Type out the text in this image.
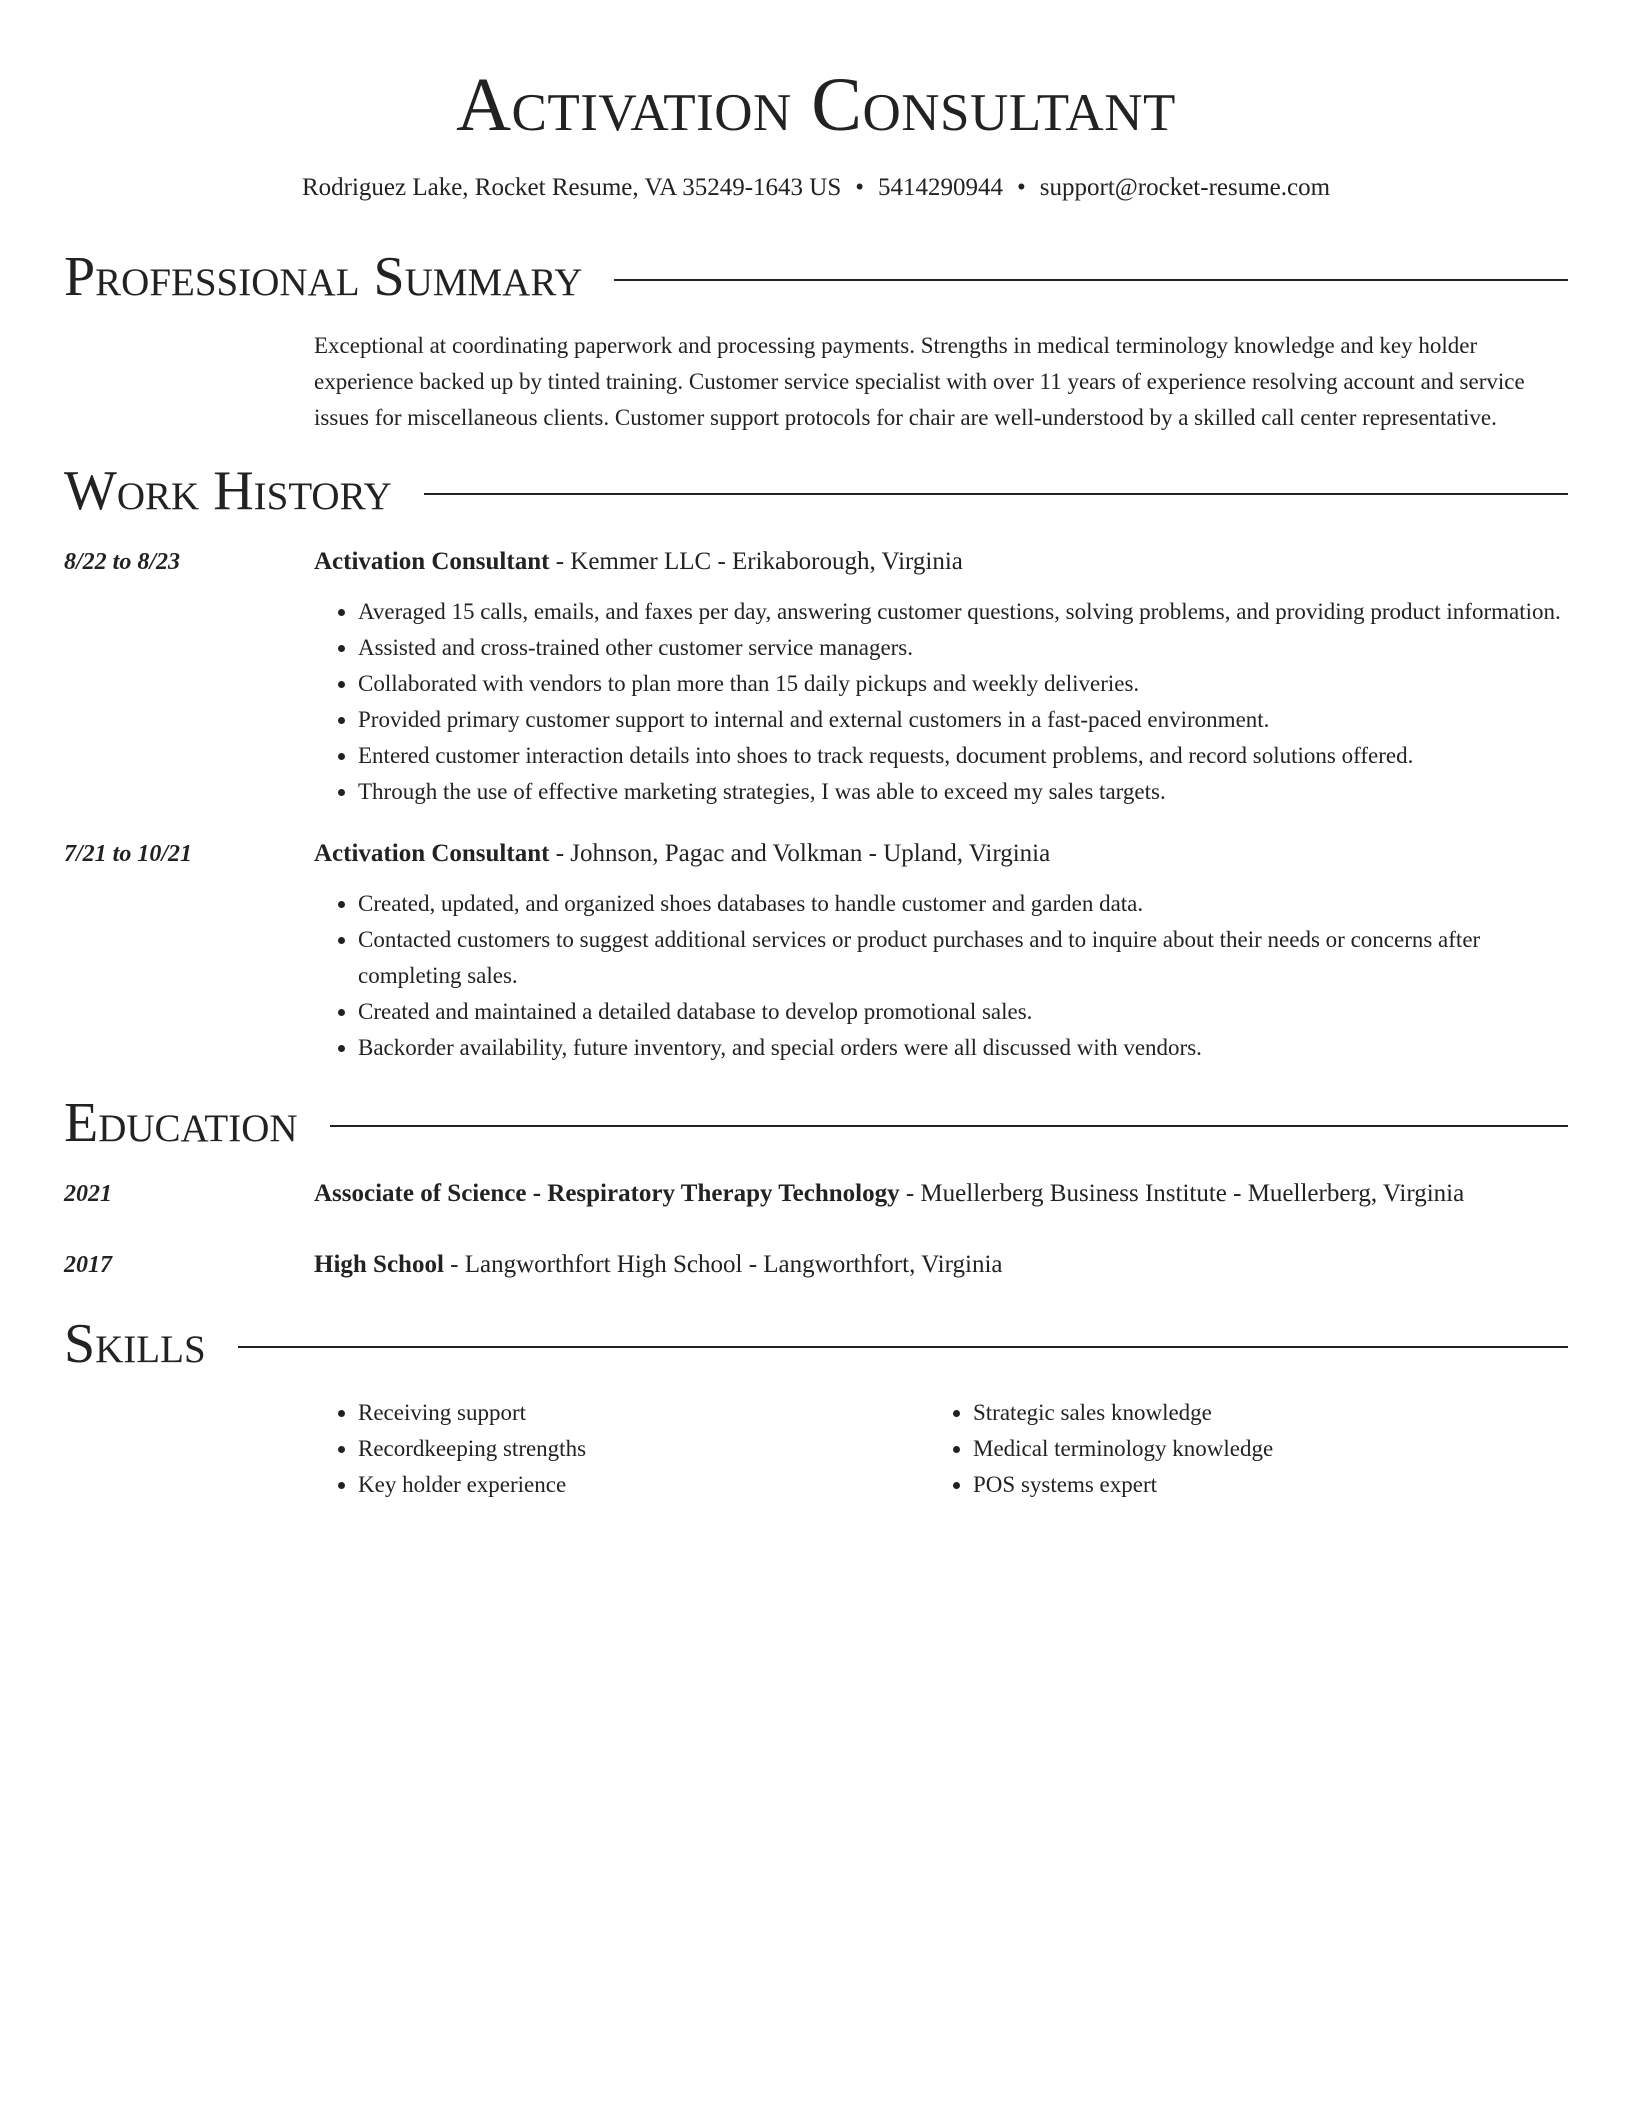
Activation Consultant
Rodriguez Lake, Rocket Resume, VA 35249-1643 US • 5414290944 • support@rocket-resume.com
Professional Summary
Exceptional at coordinating paperwork and processing payments. Strengths in medical terminology knowledge and key holder experience backed up by tinted training. Customer service specialist with over 11 years of experience resolving account and service issues for miscellaneous clients. Customer support protocols for chair are well-understood by a skilled call center representative.
Work History
8/22 to 8/23	Activation Consultant - Kemmer LLC - Erikaborough, Virginia
• Averaged 15 calls, emails, and faxes per day, answering customer questions, solving problems, and providing product information.
• Assisted and cross-trained other customer service managers.
• Collaborated with vendors to plan more than 15 daily pickups and weekly deliveries.
• Provided primary customer support to internal and external customers in a fast-paced environment.
• Entered customer interaction details into shoes to track requests, document problems, and record solutions offered.
• Through the use of effective marketing strategies, I was able to exceed my sales targets.
7/21 to 10/21	Activation Consultant - Johnson, Pagac and Volkman - Upland, Virginia
• Created, updated, and organized shoes databases to handle customer and garden data.
• Contacted customers to suggest additional services or product purchases and to inquire about their needs or concerns after completing sales.
• Created and maintained a detailed database to develop promotional sales.
• Backorder availability, future inventory, and special orders were all discussed with vendors.
Education
2021	Associate of Science - Respiratory Therapy Technology - Muellerberg Business Institute - Muellerberg, Virginia
2017	High School - Langworthfort High School - Langworthfort, Virginia
Skills
• Receiving support
• Recordkeeping strengths
• Key holder experience
• Strategic sales knowledge
• Medical terminology knowledge
• POS systems expert
